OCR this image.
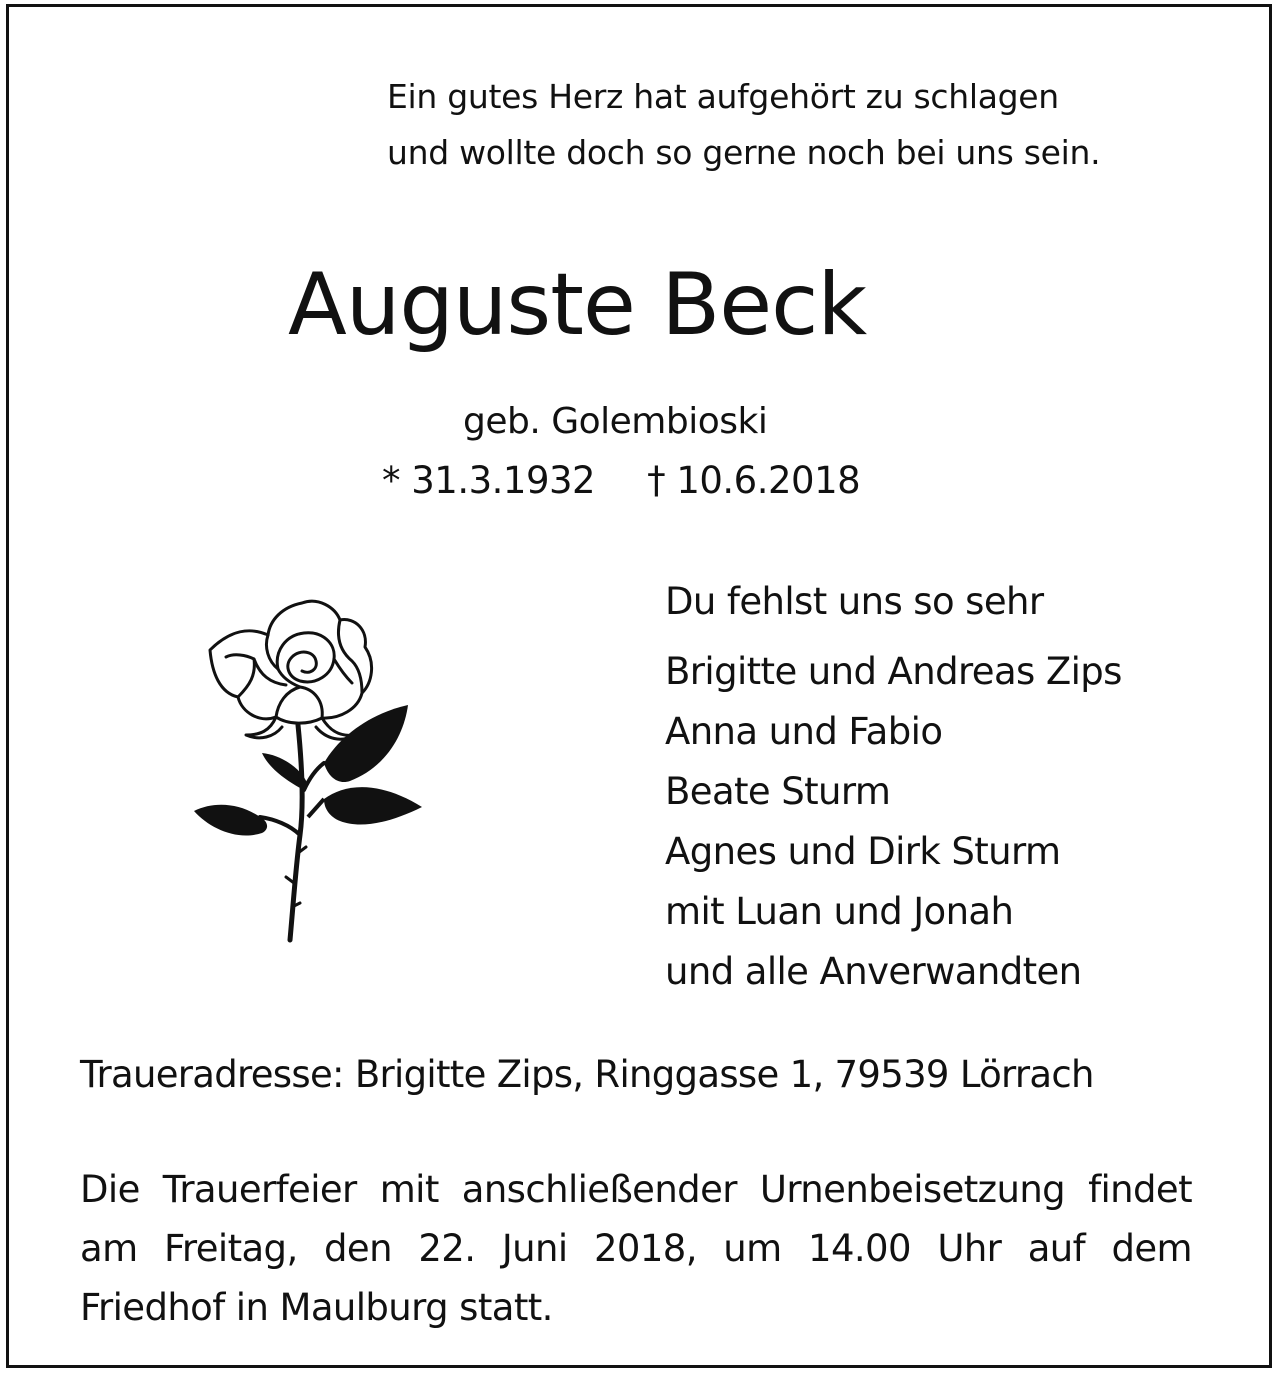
Ein gutes Herz hat aufgehört zu schlagen
und wollte doch so gerne noch bei uns sein.
Auguste Beck
geb. Golembioski
* 31.3.1932 † 10.6.2018
Du fehlst uns so sehr
Brigitte und Andreas Zips
Anna und Fabio
Beate Sturm
Agnes und Dirk Sturm
mit Luan und Jonah
und alle Anverwandten
Traueradresse: Brigitte Zips, Ringgasse 1, 79539 Lörrach
Die Trauerfeier mit anschließender Urnenbeisetzung findet am Freitag, den 22. Juni 2018, um 14.00 Uhr auf dem Friedhof in Maulburg statt.
